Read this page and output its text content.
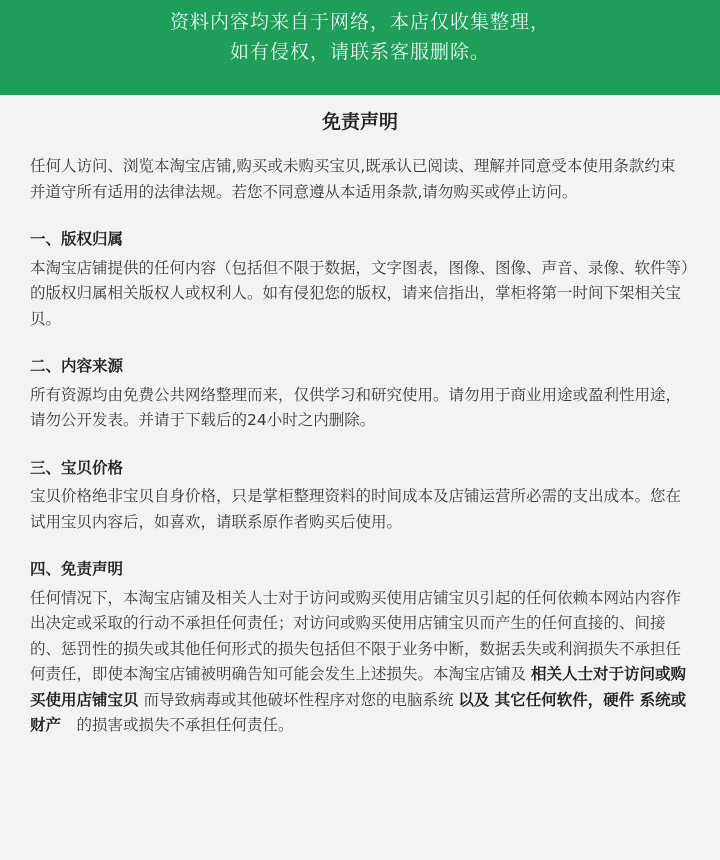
资料内容均来自于网络，本店仅收集整理，
如有侵权，请联系客服删除。
免责声明

任何人访问、浏览本淘宝店铺,购买或未购买宝贝,既承认已阅读、理解并同意受本使用条款约束并道守所有适用的法律法规。若您不同意遵从本适用条款,请勿购买或停止访问。

一、版权归属

本淘宝店铺提供的任何内容（包括但不限于数据，文字图表，图像、图像、声音、录像、软件等）的版权归属相关版权人或权利人。如有侵犯您的版权，请来信指出，掌柜将第一时间下架相关宝贝。

二、内容来源

所有资源均由免费公共网络整理而来，仅供学习和研究使用。请勿用于商业用途或盈利性用途，请勿公开发表。并请于下载后的24小时之内删除。

三、宝贝价格

宝贝价格绝非宝贝自身价格，只是掌柜整理资料的时间成本及店铺运营所必需的支出成本。您在试用宝贝内容后，如喜欢，请联系原作者购买后使用。

四、免责声明

任何情况下，本淘宝店铺及相关人士对于访问或购买使用店铺宝贝引起的任何依赖本网站内容作出决定或采取的行动不承担任何责任；对访问或购买使用店铺宝贝而产生的任何直接的、间接的、惩罚性的损失或其他任何形式的损失包括但不限于业务中断，数据丢失或利润损失不承担任何责任，即使本淘宝店铺被明确告知可能会发生上述损失。本淘宝店铺及 相关人士对于访问或购买使用店铺宝贝 而导致病毒或其他破坏性程序对您的电脑系统 以及 其它任何软件，硬件 系统或财产　的损害或损失不承担任何责任。
